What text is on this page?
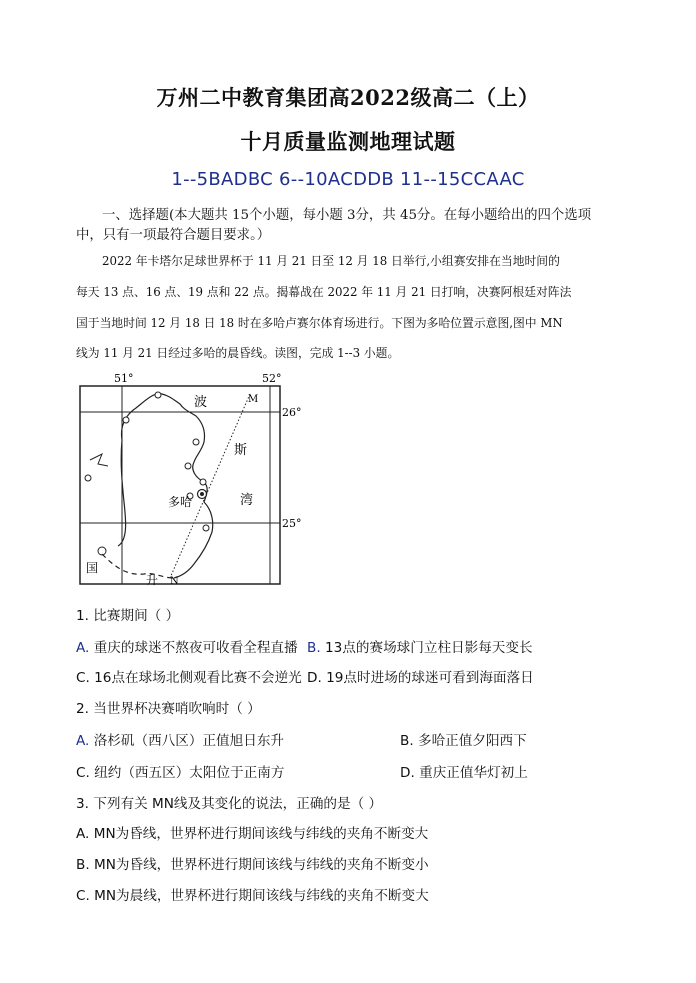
万州二中教育集团高2022级高二（上）
十月质量监测地理试题
1--5BADBC 6--10ACDDB 11--15CCAAC
一、选择题(本大题共 15个小题，每小题 3分，共 45分。在每小题给出的四个选项
中，只有一项最符合题目要求。）
2022 年卡塔尔足球世界杯于 11 月 21 日至 12 月 18 日举行,小组赛安排在当地时间的
每天 13 点、16 点、19 点和 22 点。揭幕战在 2022 年 11 月 21 日打响，决赛阿根廷对阵法
国于当地时间 12 月 18 日 18 时在多哈卢赛尔体育场进行。下图为多哈位置示意图,图中 MN
线为 11 月 21 日经过多哈的晨昏线。读图，完成 1--3 小题。
51°	52°
26°
25°
波
斯
湾
多哈
国
升
M
N
1. 比赛期间（ ）
A. 重庆的球迷不熬夜可收看全程直播 B. 13点的赛场球门立柱日影每天变长
C. 16点在球场北侧观看比赛不会逆光 D. 19点时进场的球迷可看到海面落日
2. 当世界杯决赛哨吹响时（ ）
A. 洛杉矶（西八区）正值旭日东升	B. 多哈正值夕阳西下
C. 纽约（西五区）太阳位于正南方	D. 重庆正值华灯初上
3. 下列有关 MN线及其变化的说法，正确的是（ ）
A. MN为昏线，世界杯进行期间该线与纬线的夹角不断变大
B. MN为昏线，世界杯进行期间该线与纬线的夹角不断变小
C. MN为晨线，世界杯进行期间该线与纬线的夹角不断变大
